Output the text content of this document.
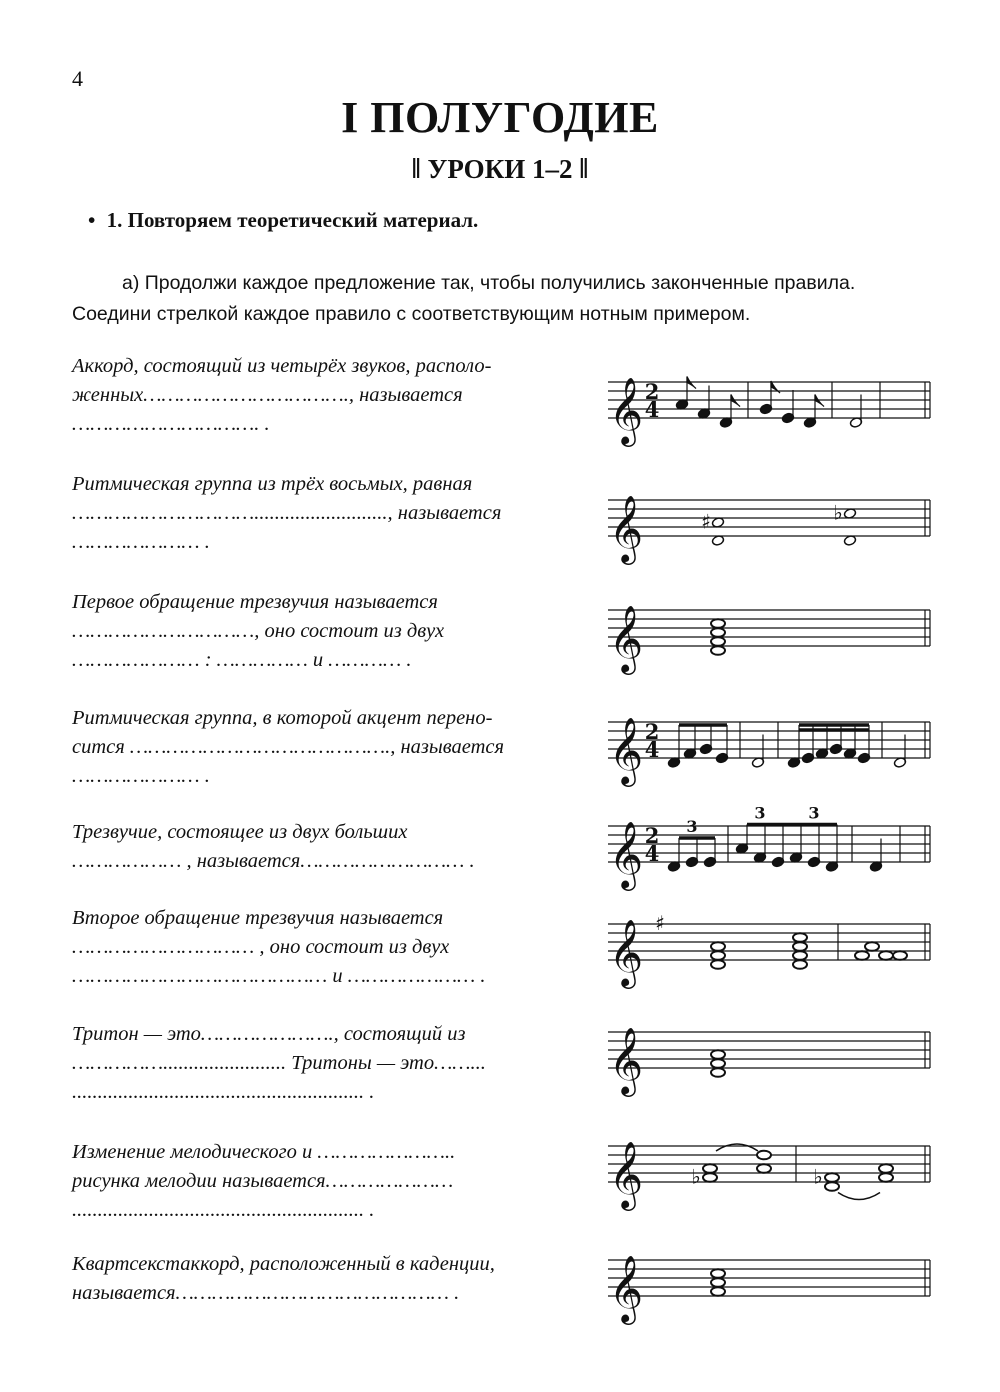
4
I ПОЛУГОДИЕ
‖ УРОКИ 1–2 ‖
• 1. Повторяем теоретический материал.
а) Продолжи каждое предложение так, чтобы получились законченные правила. Соедини стрелкой каждое правило с соответствующим нотным примером.
Аккорд, состоящий из четырёх звуков, располо-
женных……………………………., называется
…………………………. .	𝄞 2
4
Ритмическая группа из трёх восьмых, равная
………………………….........................., называется
………………… .	𝄞	♯	♭
Первое обращение трезвучия называется
…………………………, оно состоит из двух
………………… : …………… и ………… .	𝄞
Ритмическая группа, в которой акцент перено-
сится ……………………………………., называется
………………… .	𝄞 2
4
Трезвучие, состоящее из двух больших
……………… , называется……………………… .	𝄞 2
4
3
3	3
Второе обращение трезвучия называется
………………………… , оно состоит из двух
…………………………………… и ………………… .	𝄞 ♯
Тритон — это…………………., состоящий из
……………........................ Тритоны — это……...
......................................................... .	𝄞
Изменение мелодического и …………………..
рисунка мелодии называется…………………
......................................................... .
𝄞 ♭	♭
Квартсекстаккорд, расположенный в каденции,
называется……………………………………… .	𝄞
